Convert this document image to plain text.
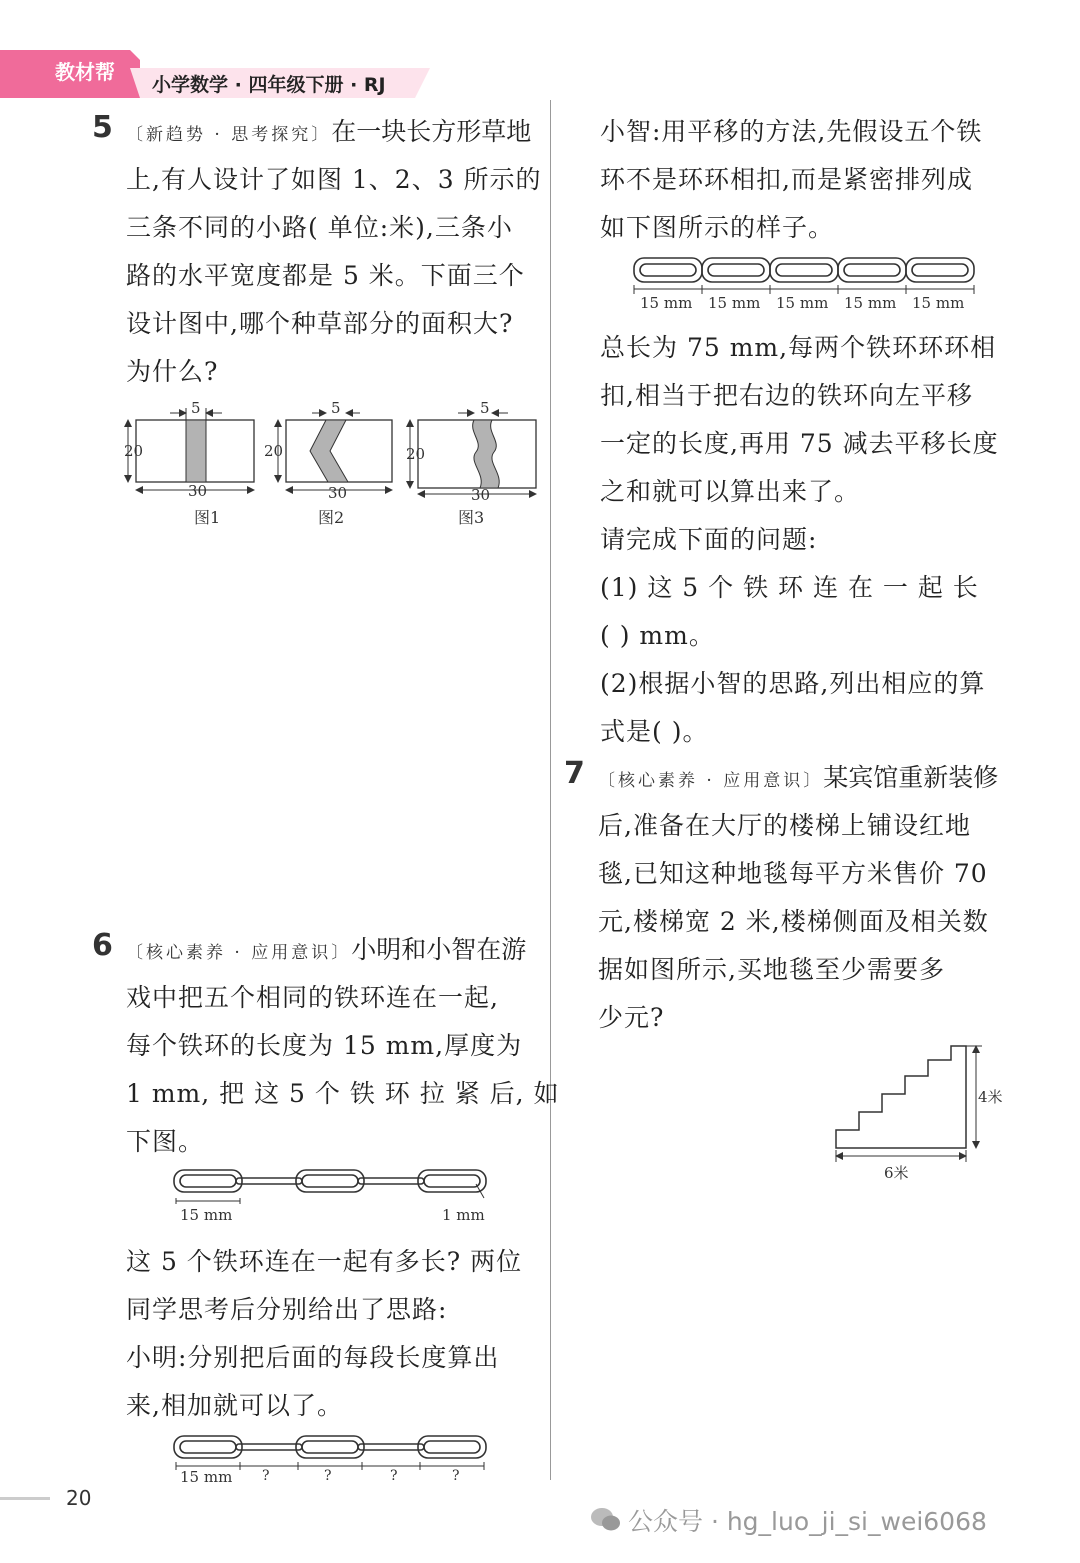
教材帮
小学数学 · 四年级下册 · RJ
5 〔新趋势 · 思考探究〕在一块长方形草地
上,有人设计了如图 1、2、3 所示的
三条不同的小路( 单位:米),三条小
路的水平宽度都是 5 米。下面三个
设计图中,哪个种草部分的面积大?
为什么?
5
20
30
图1
5
20
30
图2
5
20
30
图3
6 〔核心素养 · 应用意识〕小明和小智在游
戏中把五个相同的铁环连在一起,
每个铁环的长度为 15 mm,厚度为
1 mm, 把 这 5 个 铁 环 拉 紧 后, 如
下图。
15 mm	1 mm
这 5 个铁环连在一起有多长? 两位
同学思考后分别给出了思路:
小明:分别把后面的每段长度算出
来,相加就可以了。
15 mm ?	?	?	?
小智:用平移的方法,先假设五个铁
环不是环环相扣,而是紧密排列成
如下图所示的样子。
15 mm 15 mm 15 mm 15 mm 15 mm
总长为 75 mm,每两个铁环环环相
扣,相当于把右边的铁环向左平移
一定的长度,再用 75 减去平移长度
之和就可以算出来了。
请完成下面的问题:
(1) 这 5 个 铁 环 连 在 一 起 长
( ) mm。
(2)根据小智的思路,列出相应的算
式是( )。
7 〔核心素养 · 应用意识〕某宾馆重新装修
后,准备在大厅的楼梯上铺设红地
毯,已知这种地毯每平方米售价 70
元,楼梯宽 2 米,楼梯侧面及相关数
据如图所示,买地毯至少需要多
少元?
4米
6米
20
公众号 · hg_luo_ji_si_wei6068
